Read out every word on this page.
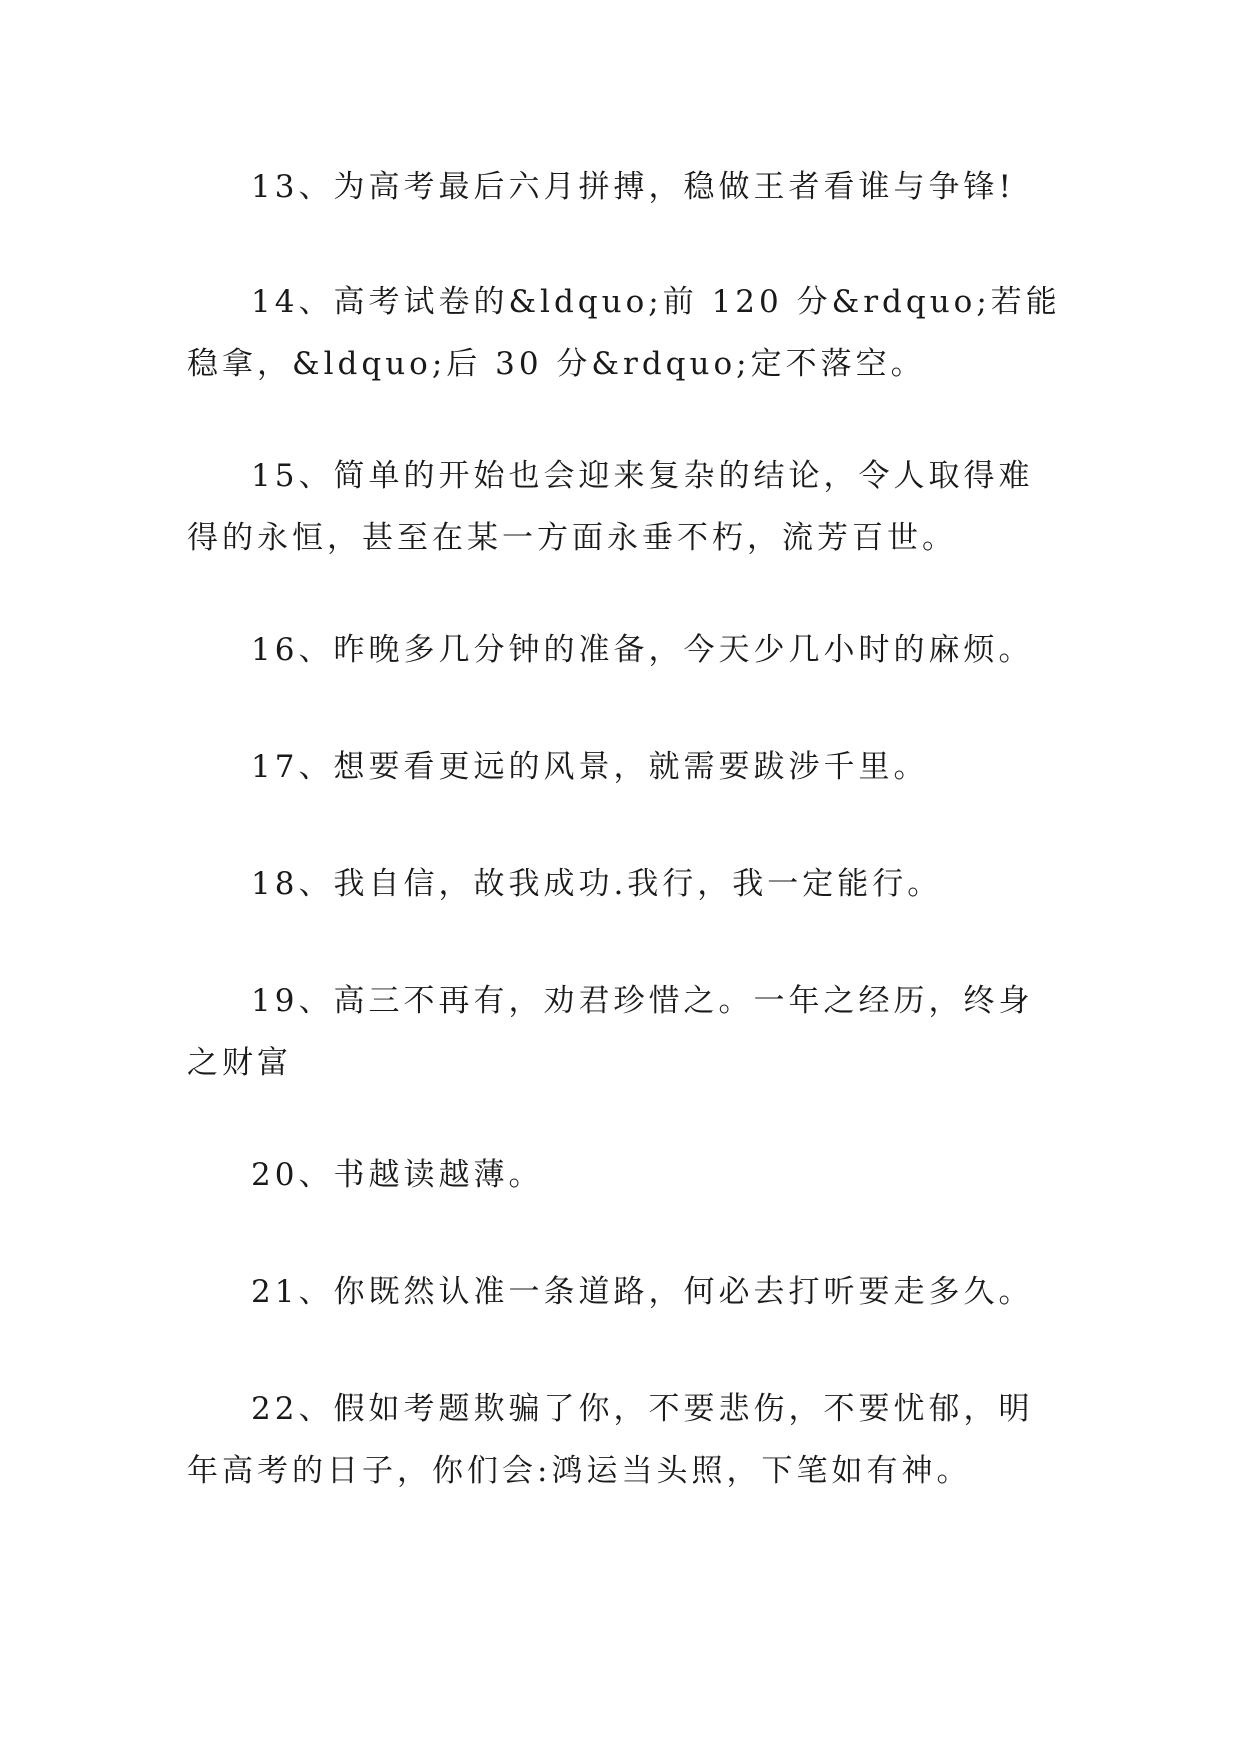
13、为高考最后六月拼搏，稳做王者看谁与争锋!

14、高考试卷的&ldquo;前 120 分&rdquo;若能稳拿，&ldquo;后 30 分&rdquo;定不落空。

15、简单的开始也会迎来复杂的结论，令人取得难得的永恒，甚至在某一方面永垂不朽，流芳百世。

16、昨晚多几分钟的准备，今天少几小时的麻烦。

17、想要看更远的风景，就需要跋涉千里。

18、我自信，故我成功.我行，我一定能行。

19、高三不再有，劝君珍惜之。一年之经历，终身之财富

20、书越读越薄。

21、你既然认准一条道路，何必去打听要走多久。

22、假如考题欺骗了你，不要悲伤，不要忧郁，明年高考的日子，你们会:鸿运当头照，下笔如有神。
